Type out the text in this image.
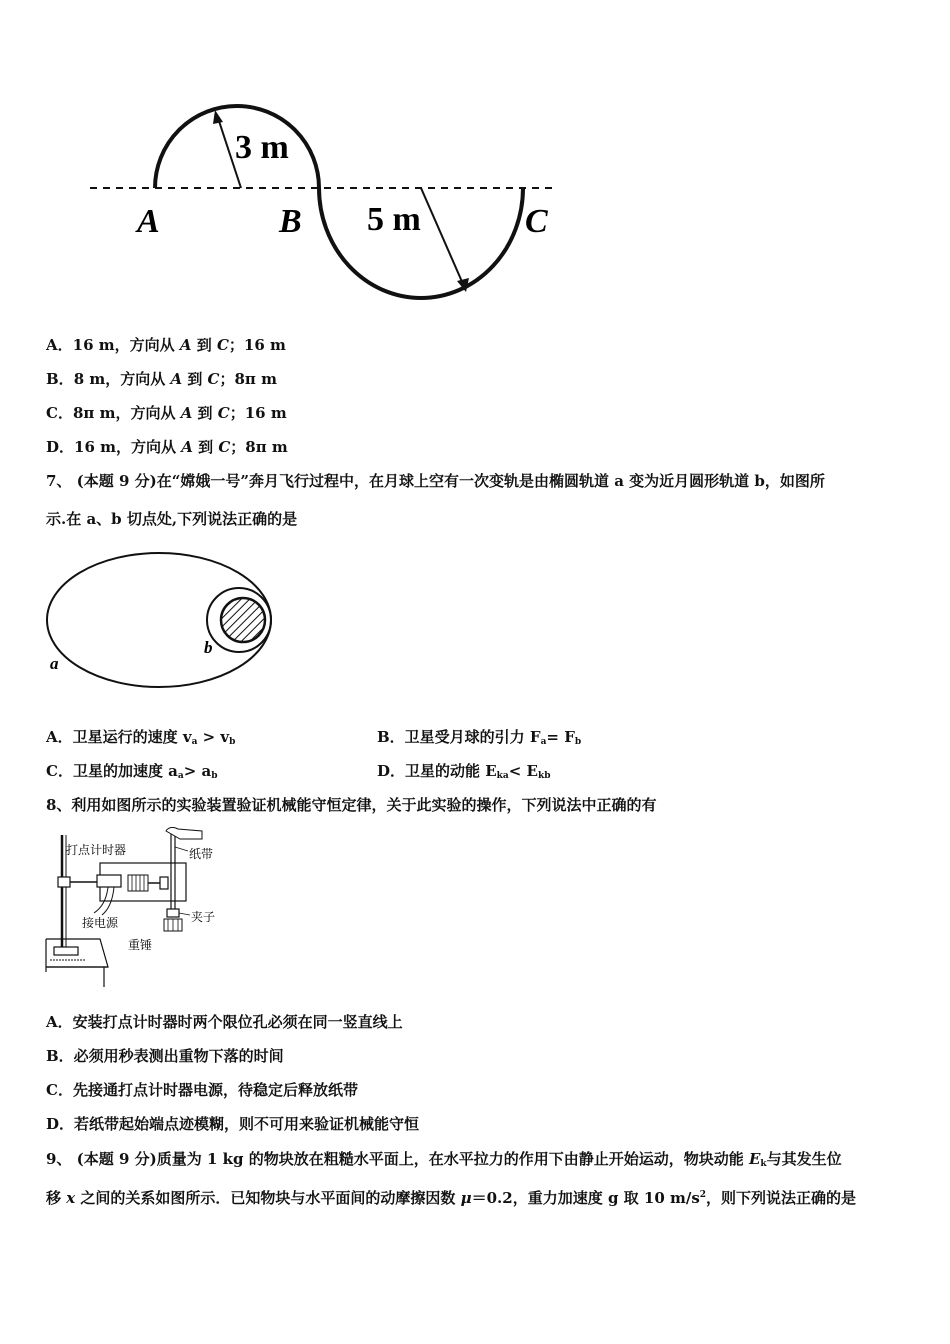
3 m
5 m
A	B	C
A．16 m，方向从 A 到 C；16 m
B．8 m，方向从 A 到 C；8π m
C．8π m，方向从 A 到 C；16 m
D．16 m，方向从 A 到 C；8π m
7、 (本题 9 分)在“嫦娥一号”奔月飞行过程中，在月球上空有一次变轨是由椭圆轨道 a 变为近月圆形轨道 b，如图所
示.在 a、b 切点处,下列说法正确的是
a
b
A．卫星运行的速度 $v_a > v_b$	B．卫星受月球的引力 $F_a= F_b$
C．卫星的加速度 $a_a> a_b$	D．卫星的动能 $E_{ka}< E_{kb}$
8、利用如图所示的实验装置验证机械能守恒定律，关于此实验的操作，下列说法中正确的有
打点计时器	纸带
接电源	夹子
重锤
A．安装打点计时器时两个限位孔必须在同一竖直线上
B．必须用秒表测出重物下落的时间
C．先接通打点计时器电源，待稳定后释放纸带
D．若纸带起始端点迹模糊，则不可用来验证机械能守恒
9、 (本题 9 分)质量为 1 kg 的物块放在粗糙水平面上，在水平拉力的作用下由静止开始运动，物块动能 $E_k$与其发生位
移 x 之间的关系如图所示．已知物块与水平面间的动摩擦因数 μ＝0.2，重力加速度 g 取 10 $m/s^2$，则下列说法正确的是
